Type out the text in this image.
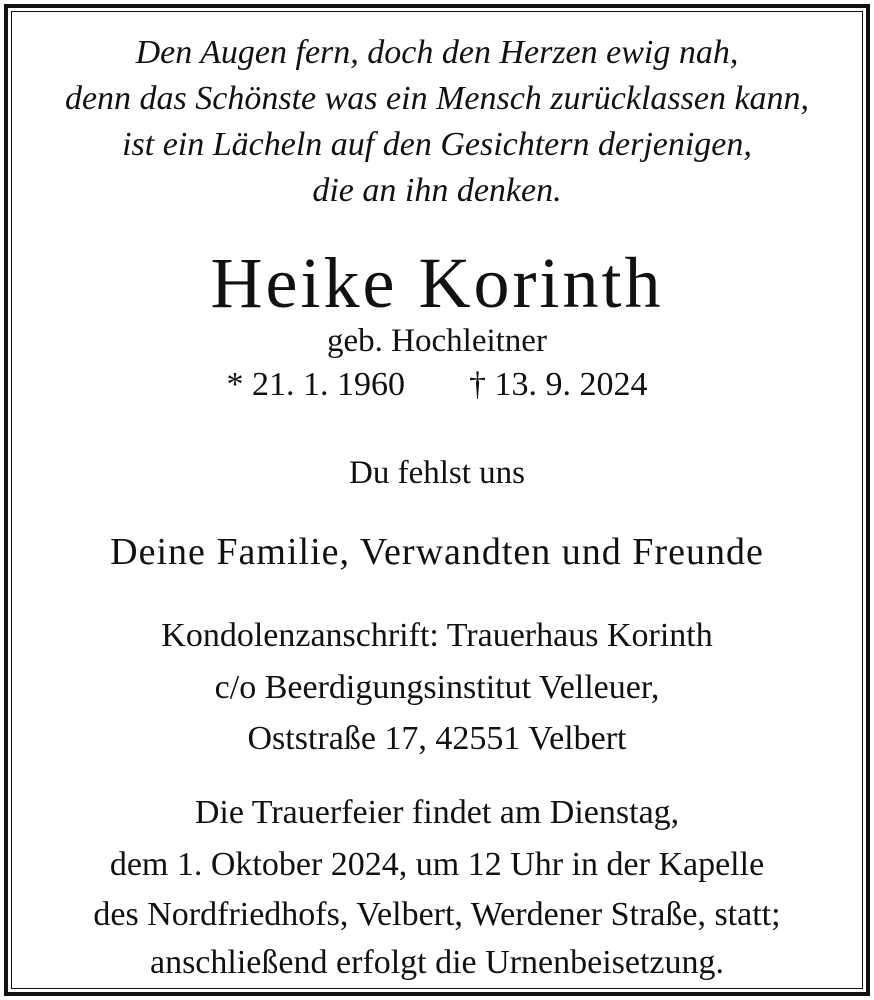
Den Augen fern, doch den Herzen ewig nah,
denn das Schönste was ein Mensch zurücklassen kann,
ist ein Lächeln auf den Gesichtern derjenigen,
die an ihn denken.
Heike Korinth
geb. Hochleitner
* 21. 1. 1960 † 13. 9. 2024
Du fehlst uns
Deine Familie, Verwandten und Freunde
Kondolenzanschrift: Trauerhaus Korinth
c/o Beerdigungsinstitut Velleuer,
Oststraße 17, 42551 Velbert
Die Trauerfeier findet am Dienstag,
dem 1. Oktober 2024, um 12 Uhr in der Kapelle
des Nordfriedhofs, Velbert, Werdener Straße, statt;
anschließend erfolgt die Urnenbeisetzung.
